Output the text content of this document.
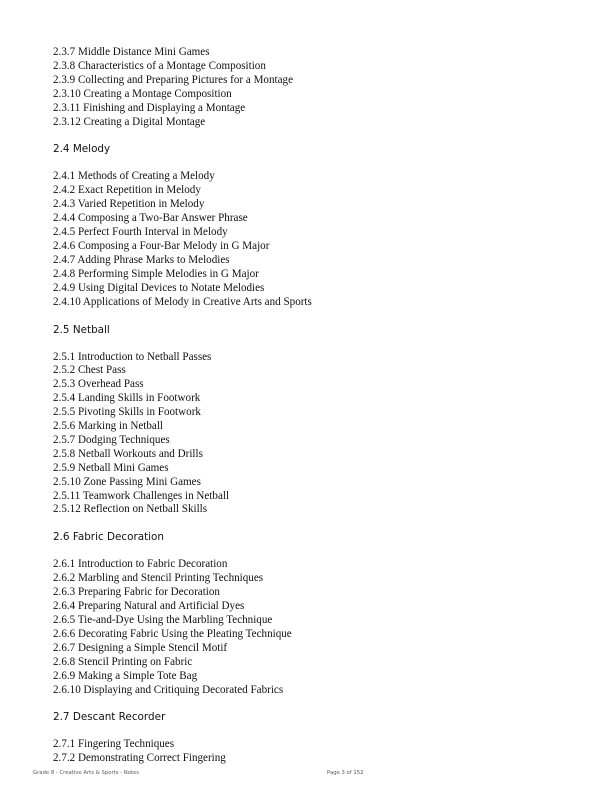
2.3.7 Middle Distance Mini Games
2.3.8 Characteristics of a Montage Composition
2.3.9 Collecting and Preparing Pictures for a Montage
2.3.10 Creating a Montage Composition
2.3.11 Finishing and Displaying a Montage
2.3.12 Creating a Digital Montage
2.4 Melody
2.4.1 Methods of Creating a Melody
2.4.2 Exact Repetition in Melody
2.4.3 Varied Repetition in Melody
2.4.4 Composing a Two-Bar Answer Phrase
2.4.5 Perfect Fourth Interval in Melody
2.4.6 Composing a Four-Bar Melody in G Major
2.4.7 Adding Phrase Marks to Melodies
2.4.8 Performing Simple Melodies in G Major
2.4.9 Using Digital Devices to Notate Melodies
2.4.10 Applications of Melody in Creative Arts and Sports
2.5 Netball
2.5.1 Introduction to Netball Passes
2.5.2 Chest Pass
2.5.3 Overhead Pass
2.5.4 Landing Skills in Footwork
2.5.5 Pivoting Skills in Footwork
2.5.6 Marking in Netball
2.5.7 Dodging Techniques
2.5.8 Netball Workouts and Drills
2.5.9 Netball Mini Games
2.5.10 Zone Passing Mini Games
2.5.11 Teamwork Challenges in Netball
2.5.12 Reflection on Netball Skills
2.6 Fabric Decoration
2.6.1 Introduction to Fabric Decoration
2.6.2 Marbling and Stencil Printing Techniques
2.6.3 Preparing Fabric for Decoration
2.6.4 Preparing Natural and Artificial Dyes
2.6.5 Tie-and-Dye Using the Marbling Technique
2.6.6 Decorating Fabric Using the Pleating Technique
2.6.7 Designing a Simple Stencil Motif
2.6.8 Stencil Printing on Fabric
2.6.9 Making a Simple Tote Bag
2.6.10 Displaying and Critiquing Decorated Fabrics
2.7 Descant Recorder
2.7.1 Fingering Techniques
2.7.2 Demonstrating Correct Fingering
Grade 8 - Creative Arts & Sports - Notes	Page 3 of 152
